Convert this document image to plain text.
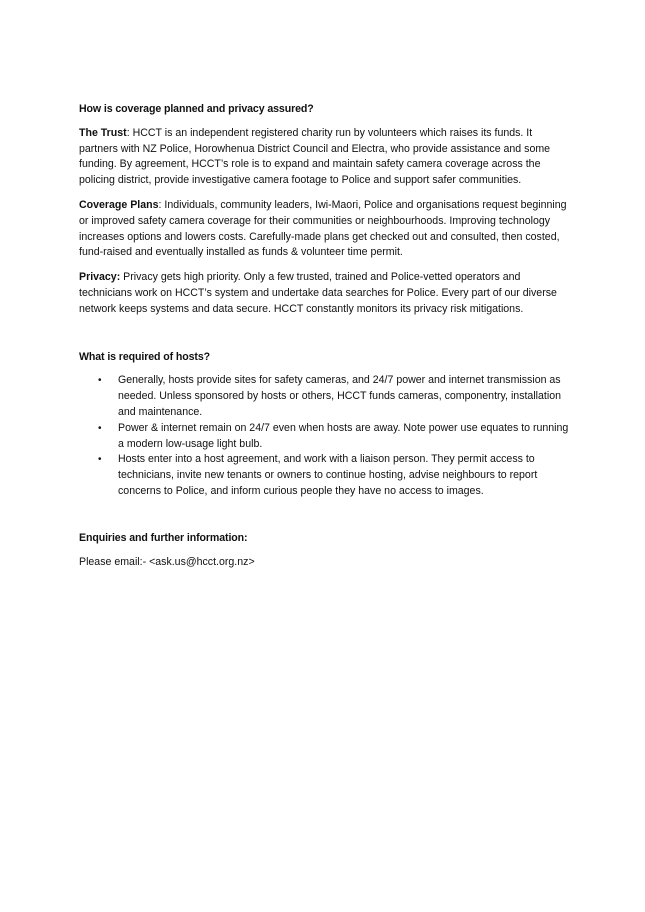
How is coverage planned and privacy assured?

The Trust: HCCT is an independent registered charity run by volunteers which raises its funds. It partners with NZ Police, Horowhenua District Council and Electra, who provide assistance and some funding. By agreement, HCCT’s role is to expand and maintain safety camera coverage across the policing district, provide investigative camera footage to Police and support safer communities.

Coverage Plans: Individuals, community leaders, Iwi-Maori, Police and organisations request beginning or improved safety camera coverage for their communities or neighbourhoods. Improving technology increases options and lowers costs. Carefully-made plans get checked out and consulted, then costed, fund-raised and eventually installed as funds & volunteer time permit.

Privacy: Privacy gets high priority. Only a few trusted, trained and Police-vetted operators and technicians work on HCCT’s system and undertake data searches for Police. Every part of our diverse network keeps systems and data secure. HCCT constantly monitors its privacy risk mitigations.

What is required of hosts?

• Generally, hosts provide sites for safety cameras, and 24/7 power and internet transmission as needed. Unless sponsored by hosts or others, HCCT funds cameras, componentry, installation and maintenance.
• Power & internet remain on 24/7 even when hosts are away. Note power use equates to running a modern low-usage light bulb.
• Hosts enter into a host agreement, and work with a liaison person. They permit access to technicians, invite new tenants or owners to continue hosting, advise neighbours to report concerns to Police, and inform curious people they have no access to images.

Enquiries and further information:

Please email:- <ask.us@hcct.org.nz>
